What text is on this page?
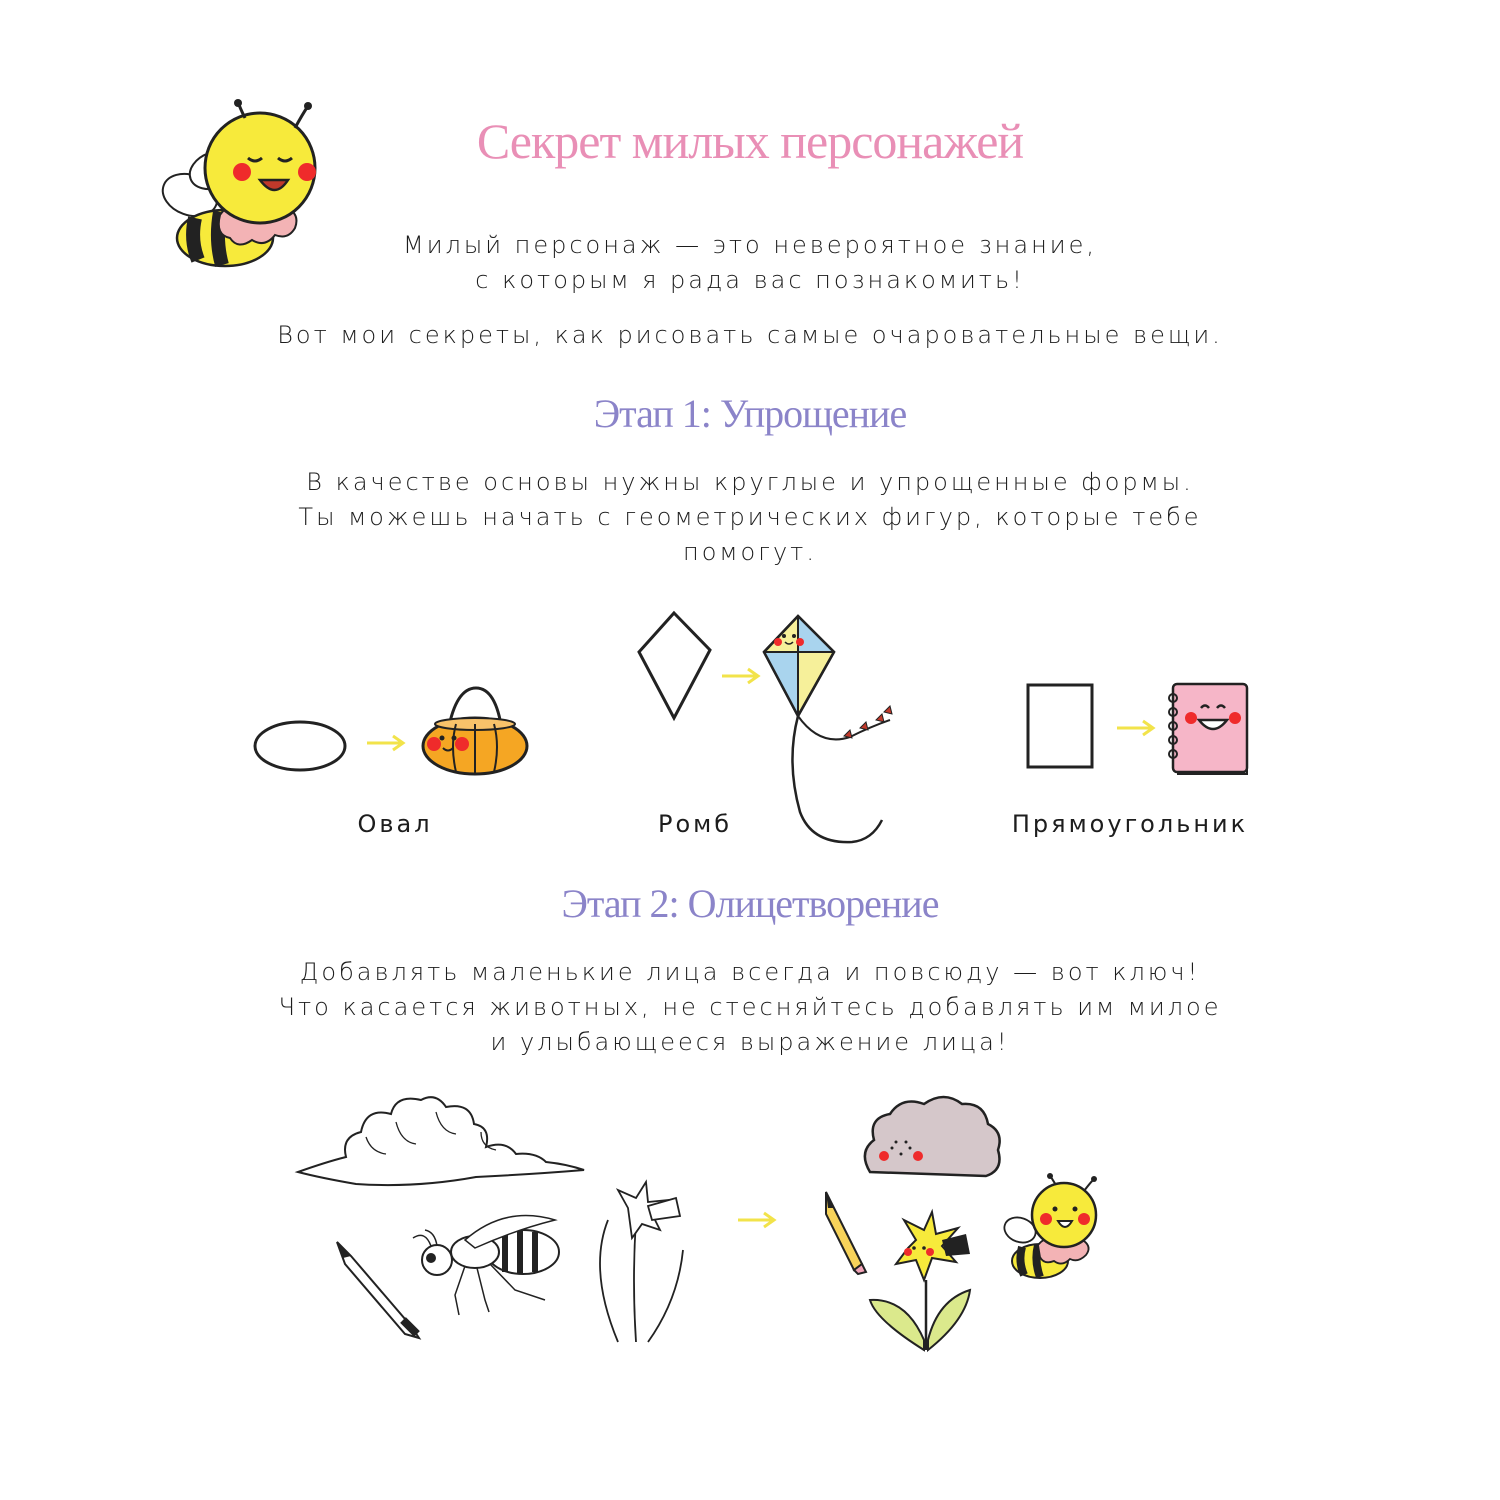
Секрет милых персонажей
Милый персонаж — это невероятное знание,
с которым я рада вас познакомить!
Вот мои секреты, как рисовать самые очаровательные вещи.
Этап 1: Упрощение
В качестве основы нужны круглые и упрощенные формы.
Ты можешь начать с геометрических фигур, которые тебе
помогут.
Овал	Ромб	Прямоугольник
Этап 2: Олицетворение
Добавлять маленькие лица всегда и повсюду — вот ключ!
Что касается животных, не стесняйтесь добавлять им милое
и улыбающееся выражение лица!
